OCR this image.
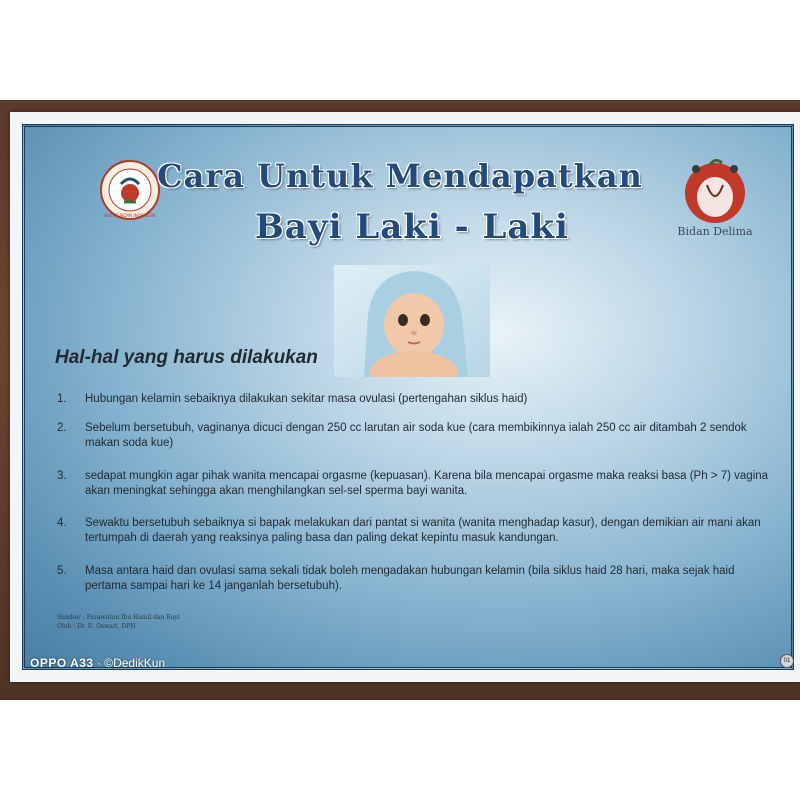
IKATAN BIDAN INDONESIA
Bidan Delima
Cara Untuk Mendapatkan
Bayi Laki - Laki
Hal-hal yang harus dilakukan
1.	Hubungan kelamin sebaiknya dilakukan sekitar masa ovulasi (pertengahan siklus haid)
2.	Sebelum bersetubuh, vaginanya dicuci dengan 250 cc larutan air soda kue (cara membikinnya ialah 250 cc air ditambah 2 sendok makan soda kue)
3.	sedapat mungkin agar pihak wanita mencapai orgasme (kepuasan). Karena bila mencapai orgasme maka reaksi basa (Ph > 7) vagina akan meningkat sehingga akan menghilangkan sel-sel sperma bayi wanita.
4.	Sewaktu bersetubuh sebaiknya si bapak melakukan dari pantat si wanita (wanita menghadap kasur), dengan demikian air mani akan tertumpah di daerah yang reaksinya paling basa dan paling dekat kepintu masuk kandungan.
5.	Masa antara haid dan ovulasi sama sekali tidak boleh mengadakan hubungan kelamin (bila siklus haid 28 hari, maka sejak haid pertama sampai hari ke 14 janganlah bersetubuh).
Sumber : Perawatan Ibu Hamil dan Bayi
Oleh : Dr. E. Oswari, DPH
01
OPPO A33 · ©DedikKun
